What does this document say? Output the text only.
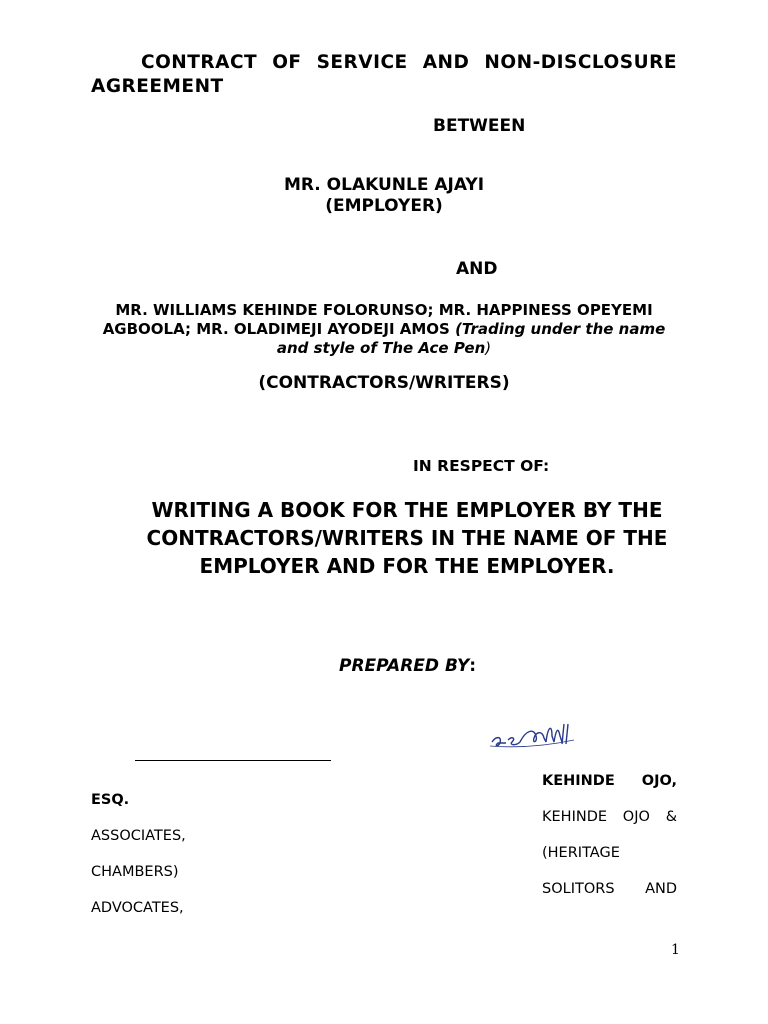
CONTRACT OF SERVICE AND NON-DISCLOSURE
AGREEMENT
BETWEEN
MR. OLAKUNLE AJAYI
(EMPLOYER)
AND
MR. WILLIAMS KEHINDE FOLORUNSO; MR. HAPPINESS OPEYEMI AGBOOLA; MR. OLADIMEJI AYODEJI AMOS (Trading under the name and style of The Ace Pen)
(CONTRACTORS/WRITERS)
IN RESPECT OF:
WRITING A BOOK FOR THE EMPLOYER BY THE CONTRACTORS/WRITERS IN THE NAME OF THE EMPLOYER AND FOR THE EMPLOYER.
PREPARED BY:
ESQ.
ASSOCIATES,
CHAMBERS)
ADVOCATES,
KEHINDE OJO,
KEHINDE OJO &
(HERITAGE
SOLITORS AND
1
